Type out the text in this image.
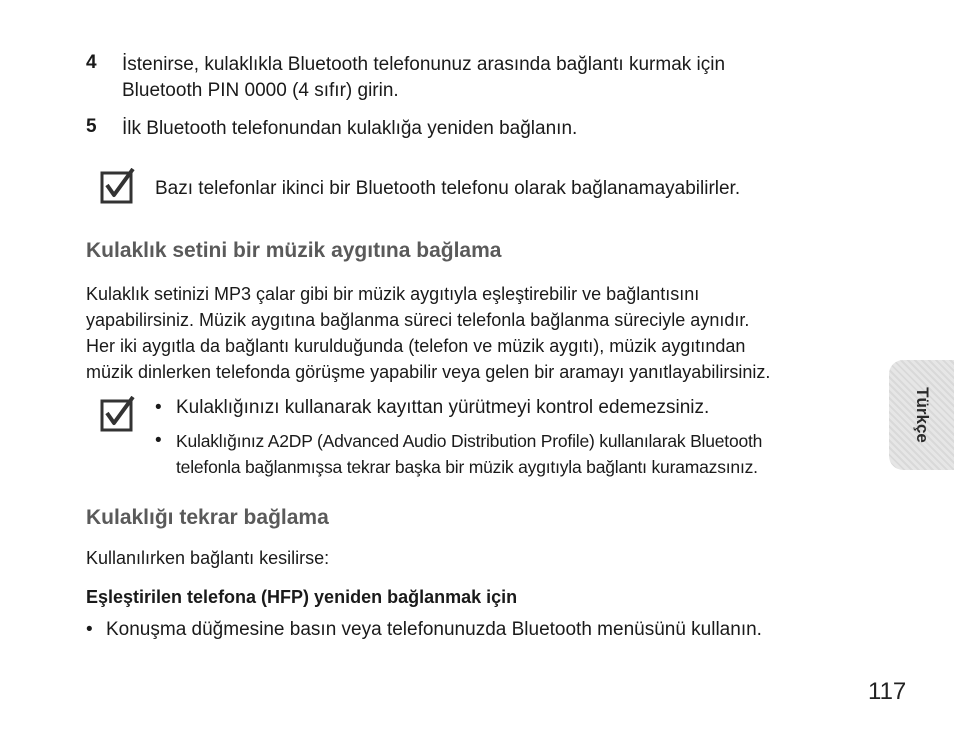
4 İstenirse, kulaklıkla Bluetooth telefonunuz arasında bağlantı kurmak için
Bluetooth PIN 0000 (4 sıfır) girin.
5 İlk Bluetooth telefonundan kulaklığa yeniden bağlanın.
Bazı telefonlar ikinci bir Bluetooth telefonu olarak bağlanamayabilirler.
Kulaklık setini bir müzik aygıtına bağlama
Kulaklık setinizi MP3 çalar gibi bir müzik aygıtıyla eşleştirebilir ve bağlantısını
yapabilirsiniz. Müzik aygıtına bağlanma süreci telefonla bağlanma süreciyle aynıdır.
Her iki aygıtla da bağlantı kurulduğunda (telefon ve müzik aygıtı), müzik aygıtından
müzik dinlerken telefonda görüşme yapabilir veya gelen bir aramayı yanıtlayabilirsiniz.
• Kulaklığınızı kullanarak kayıttan yürütmeyi kontrol edemezsiniz.
• Kulaklığınız A2DP (Advanced Audio Distribution Profile) kullanılarak Bluetooth
telefonla bağlanmışsa tekrar başka bir müzik aygıtıyla bağlantı kuramazsınız.
Kulaklığı tekrar bağlama
Kullanılırken bağlantı kesilirse:
Eşleştirilen telefona (HFP) yeniden bağlanmak için
• Konuşma düğmesine basın veya telefonunuzda Bluetooth menüsünü kullanın.
Türkçe
117
